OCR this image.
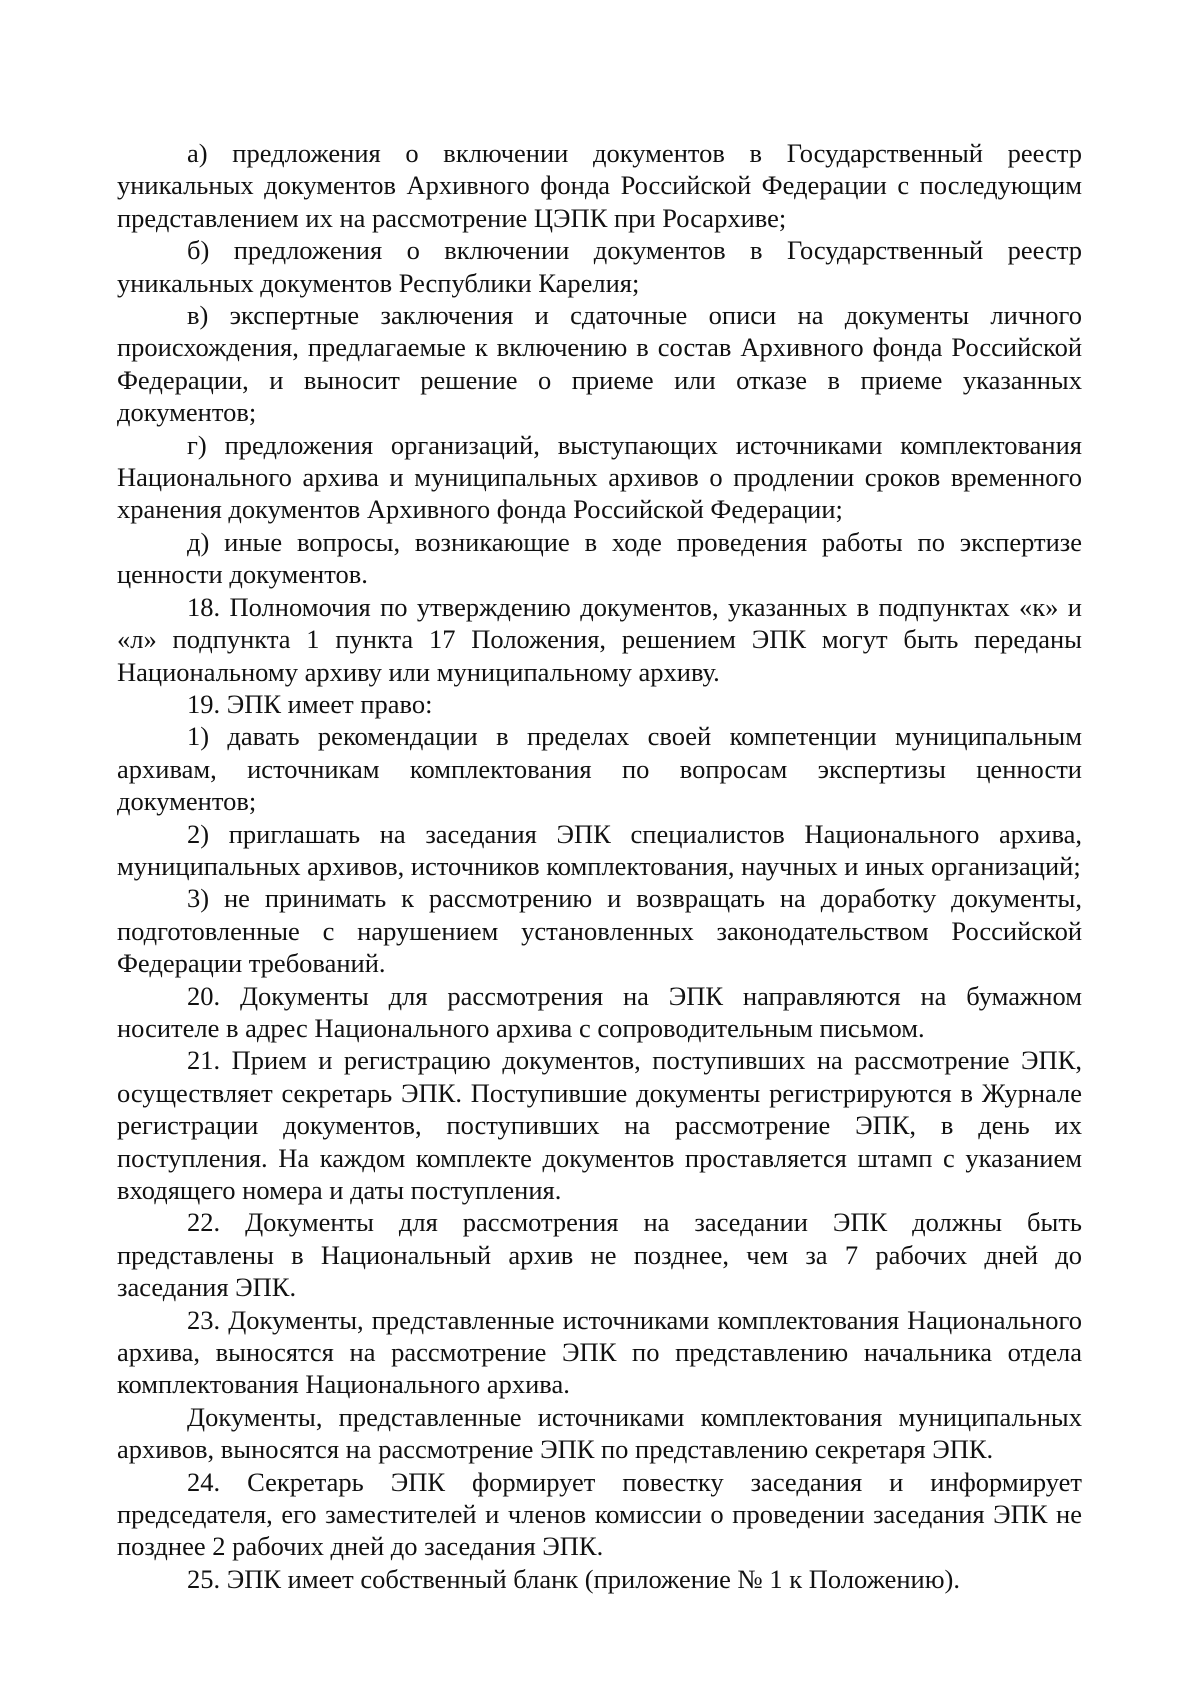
а) предложения о включении документов в Государственный реестр уникальных документов Архивного фонда Российской Федерации с последующим представлением их на рассмотрение ЦЭПК при Росархиве;

б) предложения о включении документов в Государственный реестр уникальных документов Республики Карелия;

в) экспертные заключения и сдаточные описи на документы личного происхождения, предлагаемые к включению в состав Архивного фонда Российской Федерации, и выносит решение о приеме или отказе в приеме указанных документов;

г) предложения организаций, выступающих источниками комплектования Национального архива и муниципальных архивов о продлении сроков временного хранения документов Архивного фонда Российской Федерации;

д) иные вопросы, возникающие в ходе проведения работы по экспертизе ценности документов.

18. Полномочия по утверждению документов, указанных в подпунктах «к» и «л» подпункта 1 пункта 17 Положения, решением ЭПК могут быть переданы Национальному архиву или муниципальному архиву.

19. ЭПК имеет право:

1) давать рекомендации в пределах своей компетенции муниципальным архивам, источникам комплектования по вопросам экспертизы ценности документов;

2) приглашать на заседания ЭПК специалистов Национального архива, муниципальных архивов, источников комплектования, научных и иных организаций;

3) не принимать к рассмотрению и возвращать на доработку документы, подготовленные с нарушением установленных законодательством Российской Федерации требований.

20. Документы для рассмотрения на ЭПК направляются на бумажном носителе в адрес Национального архива с сопроводительным письмом.

21. Прием и регистрацию документов, поступивших на рассмотрение ЭПК, осуществляет секретарь ЭПК. Поступившие документы регистрируются в Журнале регистрации документов, поступивших на рассмотрение ЭПК, в день их поступления. На каждом комплекте документов проставляется штамп с указанием входящего номера и даты поступления.

22. Документы для рассмотрения на заседании ЭПК должны быть представлены в Национальный архив не позднее, чем за 7 рабочих дней до заседания ЭПК.

23. Документы, представленные источниками комплектования Национального архива, выносятся на рассмотрение ЭПК по представлению начальника отдела комплектования Национального архива.

Документы, представленные источниками комплектования муниципальных архивов, выносятся на рассмотрение ЭПК по представлению секретаря ЭПК.

24. Секретарь ЭПК формирует повестку заседания и информирует председателя, его заместителей и членов комиссии о проведении заседания ЭПК не позднее 2 рабочих дней до заседания ЭПК.

25. ЭПК имеет собственный бланк (приложение № 1 к Положению).
